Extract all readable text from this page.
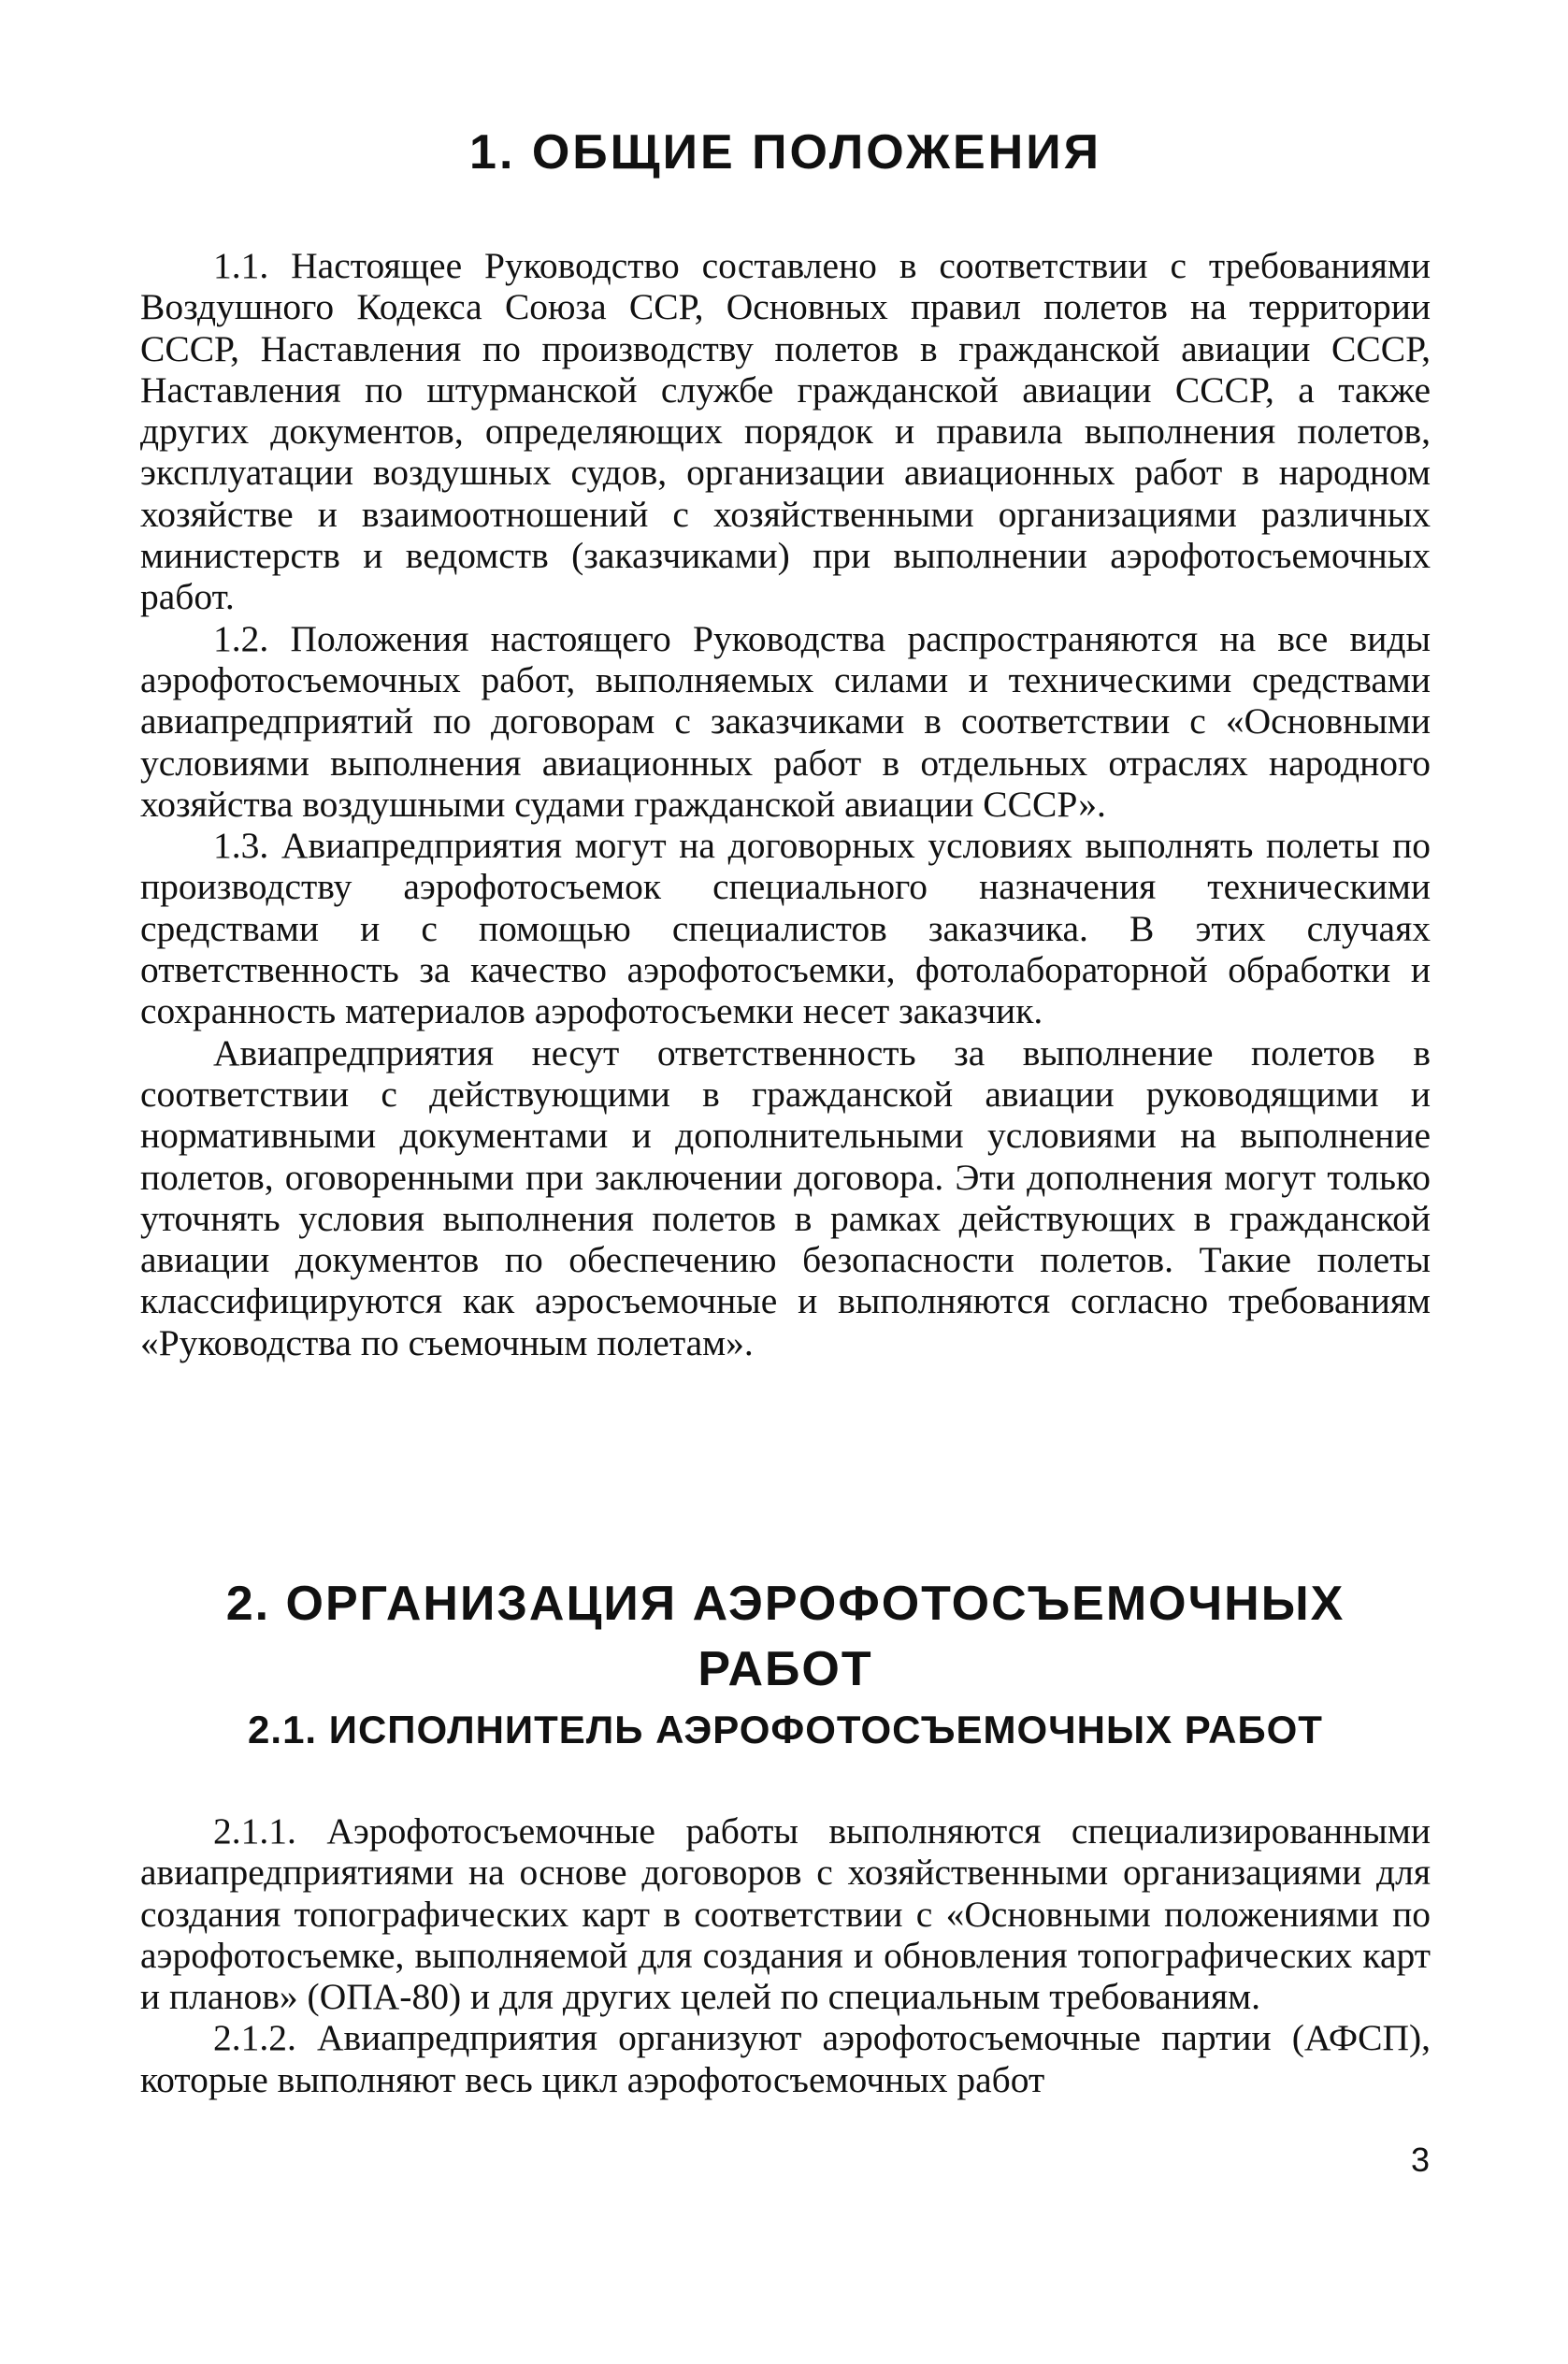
1. ОБЩИЕ ПОЛОЖЕНИЯ

1.1. Настоящее Руководство составлено в соответствии с требованиями Воздушного Кодекса Союза ССР, Основных правил полетов на территории СССР, Наставления по производству полетов в гражданской авиации СССР, Наставления по штурманской службе гражданской авиации СССР, а также других документов, определяющих порядок и правила выполнения полетов, эксплуатации воздушных судов, организации авиационных работ в народном хозяйстве и взаимоотношений с хозяйственными организациями различных министерств и ведомств (заказчиками) при выполнении аэрофотосъемочных работ.

1.2. Положения настоящего Руководства распространяются на все виды аэрофотосъемочных работ, выполняемых силами и техническими средствами авиапредприятий по договорам с заказчиками в соответствии с «Основными условиями выполнения авиационных работ в отдельных отраслях народного хозяйства воздушными судами гражданской авиации СССР».

1.3. Авиапредприятия могут на договорных условиях выполнять полеты по производству аэрофотосъемок специального назначения техническими средствами и с помощью специалистов заказчика. В этих случаях ответственность за качество аэрофотосъемки, фотолабораторной обработки и сохранность материалов аэрофотосъемки несет заказчик.

Авиапредприятия несут ответственность за выполнение полетов в соответствии с действующими в гражданской авиации руководящими и нормативными документами и дополнительными условиями на выполнение полетов, оговоренными при заключении договора. Эти дополнения могут только уточнять условия выполнения полетов в рамках действующих в гражданской авиации документов по обеспечению безопасности полетов. Такие полеты классифицируются как аэросъемочные и выполняются согласно требованиям «Руководства по съемочным полетам».

2. ОРГАНИЗАЦИЯ АЭРОФОТОСЪЕМОЧНЫХ РАБОТ
2.1. ИСПОЛНИТЕЛЬ АЭРОФОТОСЪЕМОЧНЫХ РАБОТ

2.1.1. Аэрофотосъемочные работы выполняются специализированными авиапредприятиями на основе договоров с хозяйственными организациями для создания топографических карт в соответствии с «Основными положениями по аэрофотосъемке, выполняемой для создания и обновления топографических карт и планов» (ОПА-80) и для других целей по специальным требованиям.

2.1.2. Авиапредприятия организуют аэрофотосъемочные партии (АФСП), которые выполняют весь цикл аэрофотосъемочных работ

3
